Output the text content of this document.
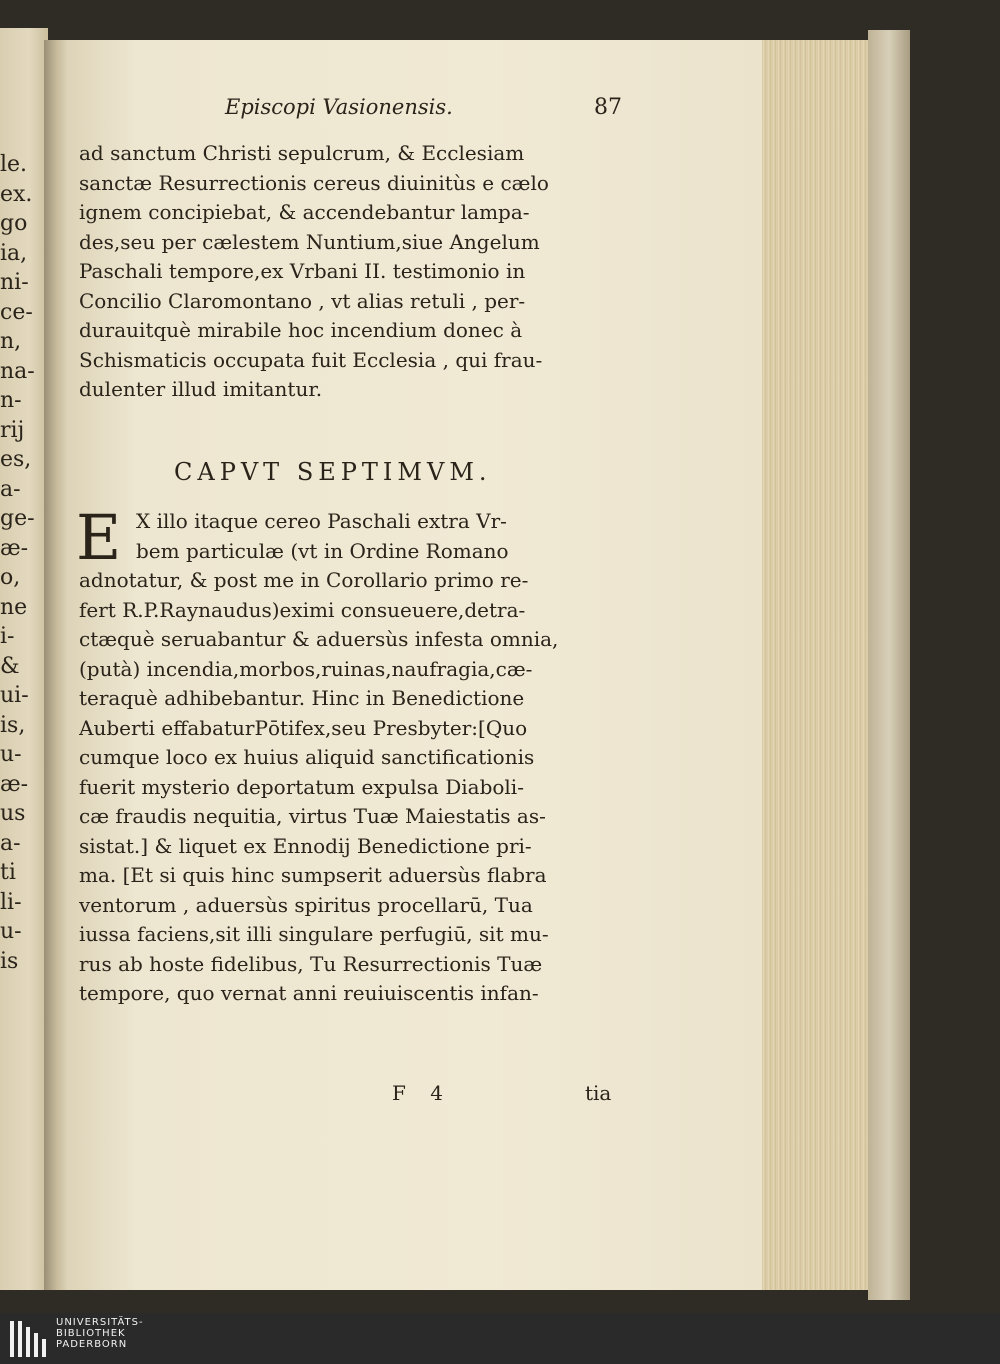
le.
ex.
go
ia,
ni-
ce-
n,
na-
n-
rij
es,
a-
ge-
æ-
o,
ne
i-
&
ui-
is,
u-
æ-
us
a-
ti
li-
u-
is

Episcopi Vasionensis.	87

ad sanctum Christi sepulcrum, & Ecclesiam
sanctæ Resurrectionis cereus diuinitùs e cælo
ignem concipiebat, & accendebantur lampa-
des,seu per cælestem Nuntium,siue Angelum
Paschali tempore,ex Vrbani II. testimonio in
Concilio Claromontano , vt alias retuli , per-
durauitquè mirabile hoc incendium donec à
Schismaticis occupata fuit Ecclesia , qui frau-
dulenter illud imitantur.

CAPVT SEPTIMVM.

E X illo itaque cereo Paschali extra Vr-
bem particulæ (vt in Ordine Romano
adnotatur, & post me in Corollario primo re-
fert R.P.Raynaudus)eximi consueuere,detra-
ctæquè seruabantur & aduersùs infesta omnia,
(putà) incendia,morbos,ruinas,naufragia,cæ-
teraquè adhibebantur. Hinc in Benedictione
Auberti effabaturPōtifex,seu Presbyter:[Quo
cumque loco ex huius aliquid sanctificationis
fuerit mysterio deportatum expulsa Diaboli-
cæ fraudis nequitia, virtus Tuæ Maiestatis as-
sistat.] & liquet ex Ennodij Benedictione pri-
ma. [Et si quis hinc sumpserit aduersùs flabra
ventorum , aduersùs spiritus procellarū, Tua
iussa faciens,sit illi singulare perfugiū, sit mu-
rus ab hoste fidelibus, Tu Resurrectionis Tuæ
tempore, quo vernat anni reuiuiscentis infan-

F 4	tia

UNIVERSITÄTS-
BIBLIOTHEK
PADERBORN
